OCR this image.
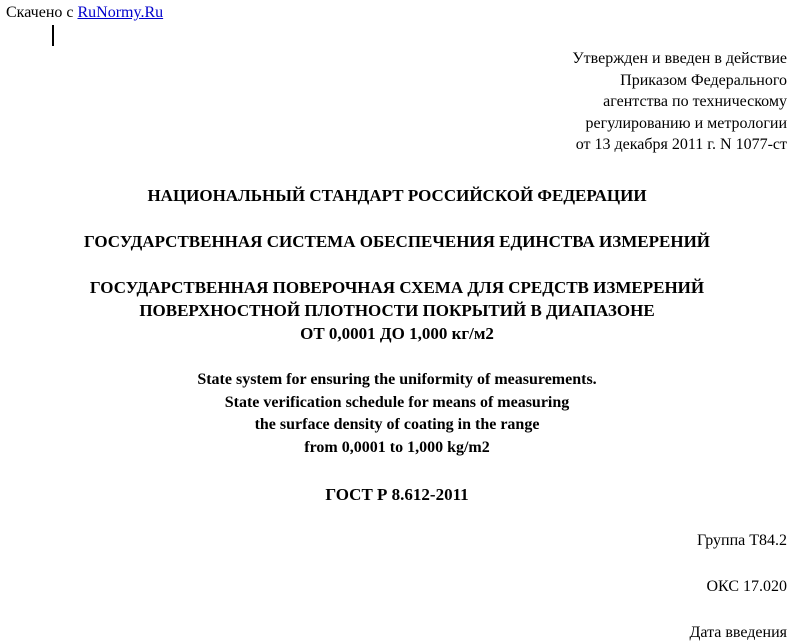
Скачено с RuNormy.Ru
Утвержден и введен в действие
Приказом Федерального
агентства по техническому
регулированию и метрологии
от 13 декабря 2011 г. N 1077-ст
НАЦИОНАЛЬНЫЙ СТАНДАРТ РОССИЙСКОЙ ФЕДЕРАЦИИ
ГОСУДАРСТВЕННАЯ СИСТЕМА ОБЕСПЕЧЕНИЯ ЕДИНСТВА ИЗМЕРЕНИЙ
ГОСУДАРСТВЕННАЯ ПОВЕРОЧНАЯ СХЕМА ДЛЯ СРЕДСТВ ИЗМЕРЕНИЙ
ПОВЕРХНОСТНОЙ ПЛОТНОСТИ ПОКРЫТИЙ В ДИАПАЗОНЕ
ОТ 0,0001 ДО 1,000 кг/м2
State system for ensuring the uniformity of measurements.
State verification schedule for means of measuring
the surface density of coating in the range
from 0,0001 to 1,000 kg/m2
ГОСТ Р 8.612-2011
Группа Т84.2
ОКС 17.020
Дата введения
